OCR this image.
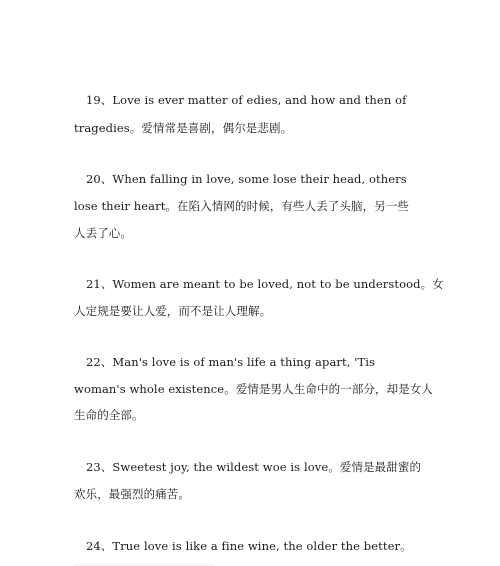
19、Love is ever matter of edies, and how and then of
tragedies。爱情常是喜剧，偶尔是悲剧。
20、When falling in love, some lose their head, others
lose their heart。在陷入情网的时候，有些人丢了头脑，另一些
人丢了心。
21、Women are meant to be loved, not to be understood。女
人定规是要让人爱，而不是让人理解。
22、Man's love is of man's life a thing apart, 'Tis
woman's whole existence。爱情是男人生命中的一部分，却是女人
生命的全部。
23、Sweetest joy, the wildest woe is love。爱情是最甜蜜的
欢乐，最强烈的痛苦。
24、True love is like a fine wine, the older the better。
